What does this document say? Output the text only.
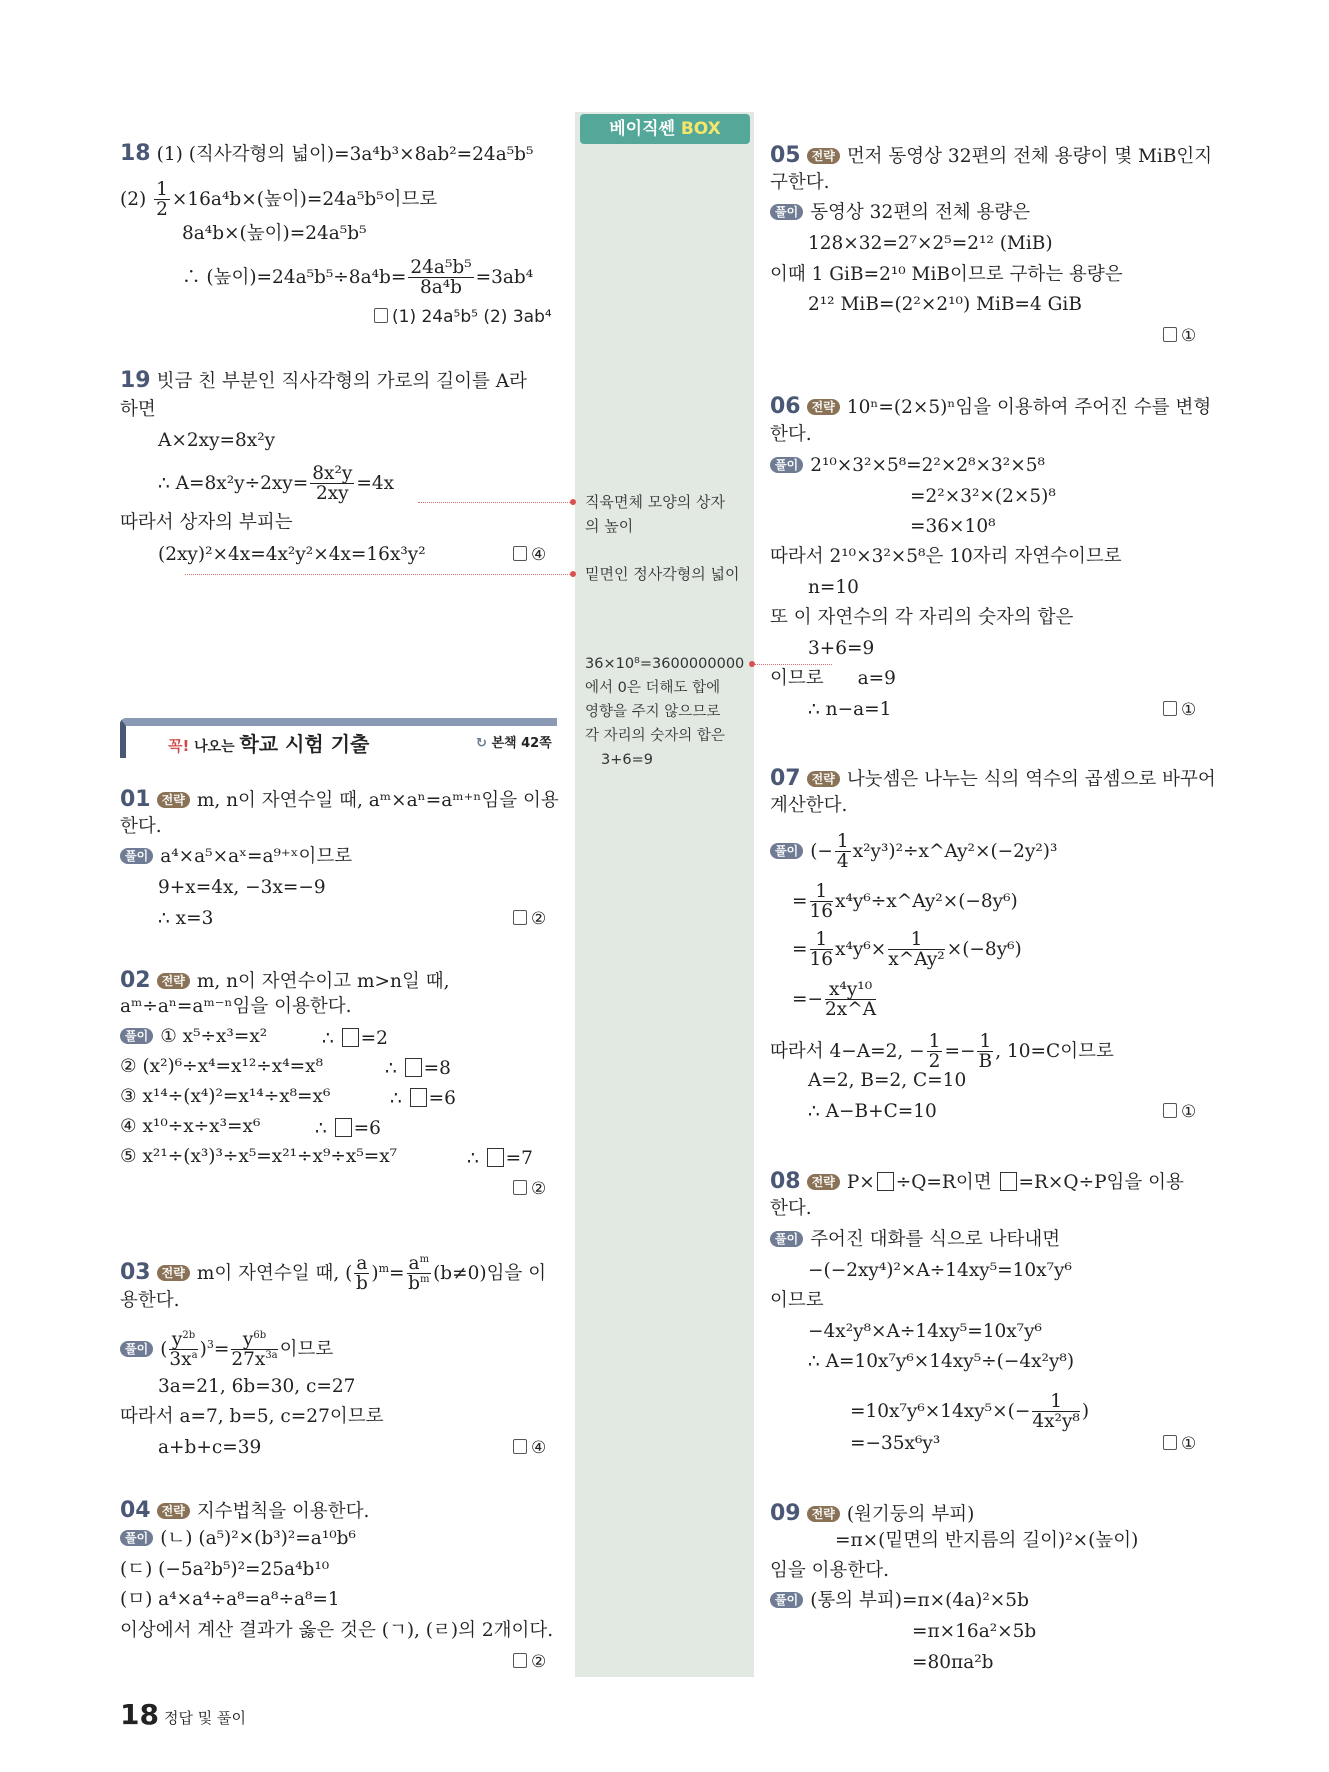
베이직쎈 BOX
직육면체 모양의 상자
의 높이
밑면인 정사각형의 넓이
36×10⁸=3600000000
에서 0은 더해도 합에
영향을 주지 않으므로
각 자리의 숫자의 합은
3+6=9
18 (1) (직사각형의 넓이)=3a⁴b³×8ab²=24a⁵b⁵
$(2) \frac{1}{2} \times 16a^4b\times$(높이)=24a⁵b⁵이므로
8a⁴b×(높이)=24a⁵b⁵
∴ (높이)$=24a^5b^5\div 8a^4b= \frac{\text{24a⁵b⁵}}{\text{8a⁴b}} =3ab^4$
(1) 24a⁵b⁵ (2) 3ab⁴
19 빗금 친 부분인 직사각형의 가로의 길이를 A라
하면
A×2xy=8x²y
∴ $A=8x^2y\div 2xy= \frac{\text{8x²y}}{2xy} =4x$
따라서 상자의 부피는
(2xy)²×4x=4x²y²×4x=16x³y²	④
꼭! 나오는 학교 시험 기출	↻ 본책 42쪽
01 전략 m, n이 자연수일 때, aᵐ×aⁿ=aᵐ⁺ⁿ임을 이용
한다.
풀이 a⁴×a⁵×aˣ=a⁹⁺ˣ이므로
9+x=4x, −3x=−9
∴ x=3	②
02 전략 m, n이 자연수이고 m>n일 때,
aᵐ÷aⁿ=aᵐ⁻ⁿ임을 이용한다.
풀이 ① x⁵÷x³=x²	∴ =2
② (x²)⁶÷x⁴=x¹²÷x⁴=x⁸	∴ =8
③ x¹⁴÷(x⁴)²=x¹⁴÷x⁸=x⁶	∴ =6
④ x¹⁰÷x÷x³=x⁶	∴ =6
⑤ x²¹÷(x³)³÷x⁵=x²¹÷x⁹÷x⁵=x⁷	∴ =7
②
03 전략 m이 자연수일 때, ( $\frac{a}{b} )^m= \frac{a^m}{b^m} (b\ne 0)$임을 이
용한다.
풀이 ( $\frac{y^{2b}}{3x^a} )^3= \frac{y^{6b}}{27x^{3a}}$ 이므로
3a=21, 6b=30, c=27
따라서 a=7, b=5, c=27이므로
a+b+c=39	④
04 전략 지수법칙을 이용한다.
풀이 (ㄴ) (a⁵)²×(b³)²=a¹⁰b⁶
(ㄷ) (−5a²b⁵)²=25a⁴b¹⁰
(ㅁ) a⁴×a⁴÷a⁸=a⁸÷a⁸=1
이상에서 계산 결과가 옳은 것은 (ㄱ), (ㄹ)의 2개이다.
②
18 정답 및 풀이
05 전략 먼저 동영상 32편의 전체 용량이 몇 MiB인지
구한다.
풀이 동영상 32편의 전체 용량은
128×32=2⁷×2⁵=2¹² (MiB)
이때 1 GiB=2¹⁰ MiB이므로 구하는 용량은
2¹² MiB=(2²×2¹⁰) MiB=4 GiB
①
06 전략 10ⁿ=(2×5)ⁿ임을 이용하여 주어진 수를 변형
한다.
풀이 2¹⁰×3²×5⁸=2²×2⁸×3²×5⁸
=2²×3²×(2×5)⁸
=36×10⁸
따라서 2¹⁰×3²×5⁸은 10자리 자연수이므로
n=10
또 이 자연수의 각 자리의 숫자의 합은
3+6=9
이므로 a=9
∴ n−a=1	①
07 전략 나눗셈은 나누는 식의 역수의 곱셈으로 바꾸어
계산한다.
풀이 (− $\frac{1}{4}$ x²y³)²÷x^Ay²×(−2y²)³
= $\frac{1}{16}$ x⁴y⁶÷x^Ay²×(−8y⁶)
= $\frac{1}{16} x^4y^6\times \frac{1}{\text{x\textasciicircum{}Ay²}} \times(-8y^6)$
=− $\frac{\text{x⁴y¹⁰}}{2x\^{}A}$
따라서 4−A=2, − $\frac{1}{2} =- \frac{1}{B}$ , 10=C이므로
A=2, B=2, C=10
∴ A−B+C=10	①
08 전략 P× ÷Q=R이면 =R×Q÷P임을 이용
한다.
풀이 주어진 대화를 식으로 나타내면
−(−2xy⁴)²×A÷14xy⁵=10x⁷y⁶
이므로
−4x²y⁸×A÷14xy⁵=10x⁷y⁶
∴ A=10x⁷y⁶×14xy⁵÷(−4x²y⁸)
$=10x^7y^6\times 14xy^5\times(- \frac{1}{\text{4x²y⁸}}$ )
=−35x⁶y³	①
09 전략 (원기둥의 부피)
=π×(밑면의 반지름의 길이)²×(높이)
임을 이용한다.
풀이 (통의 부피)=π×(4a)²×5b
=π×16a²×5b
=80πa²b
